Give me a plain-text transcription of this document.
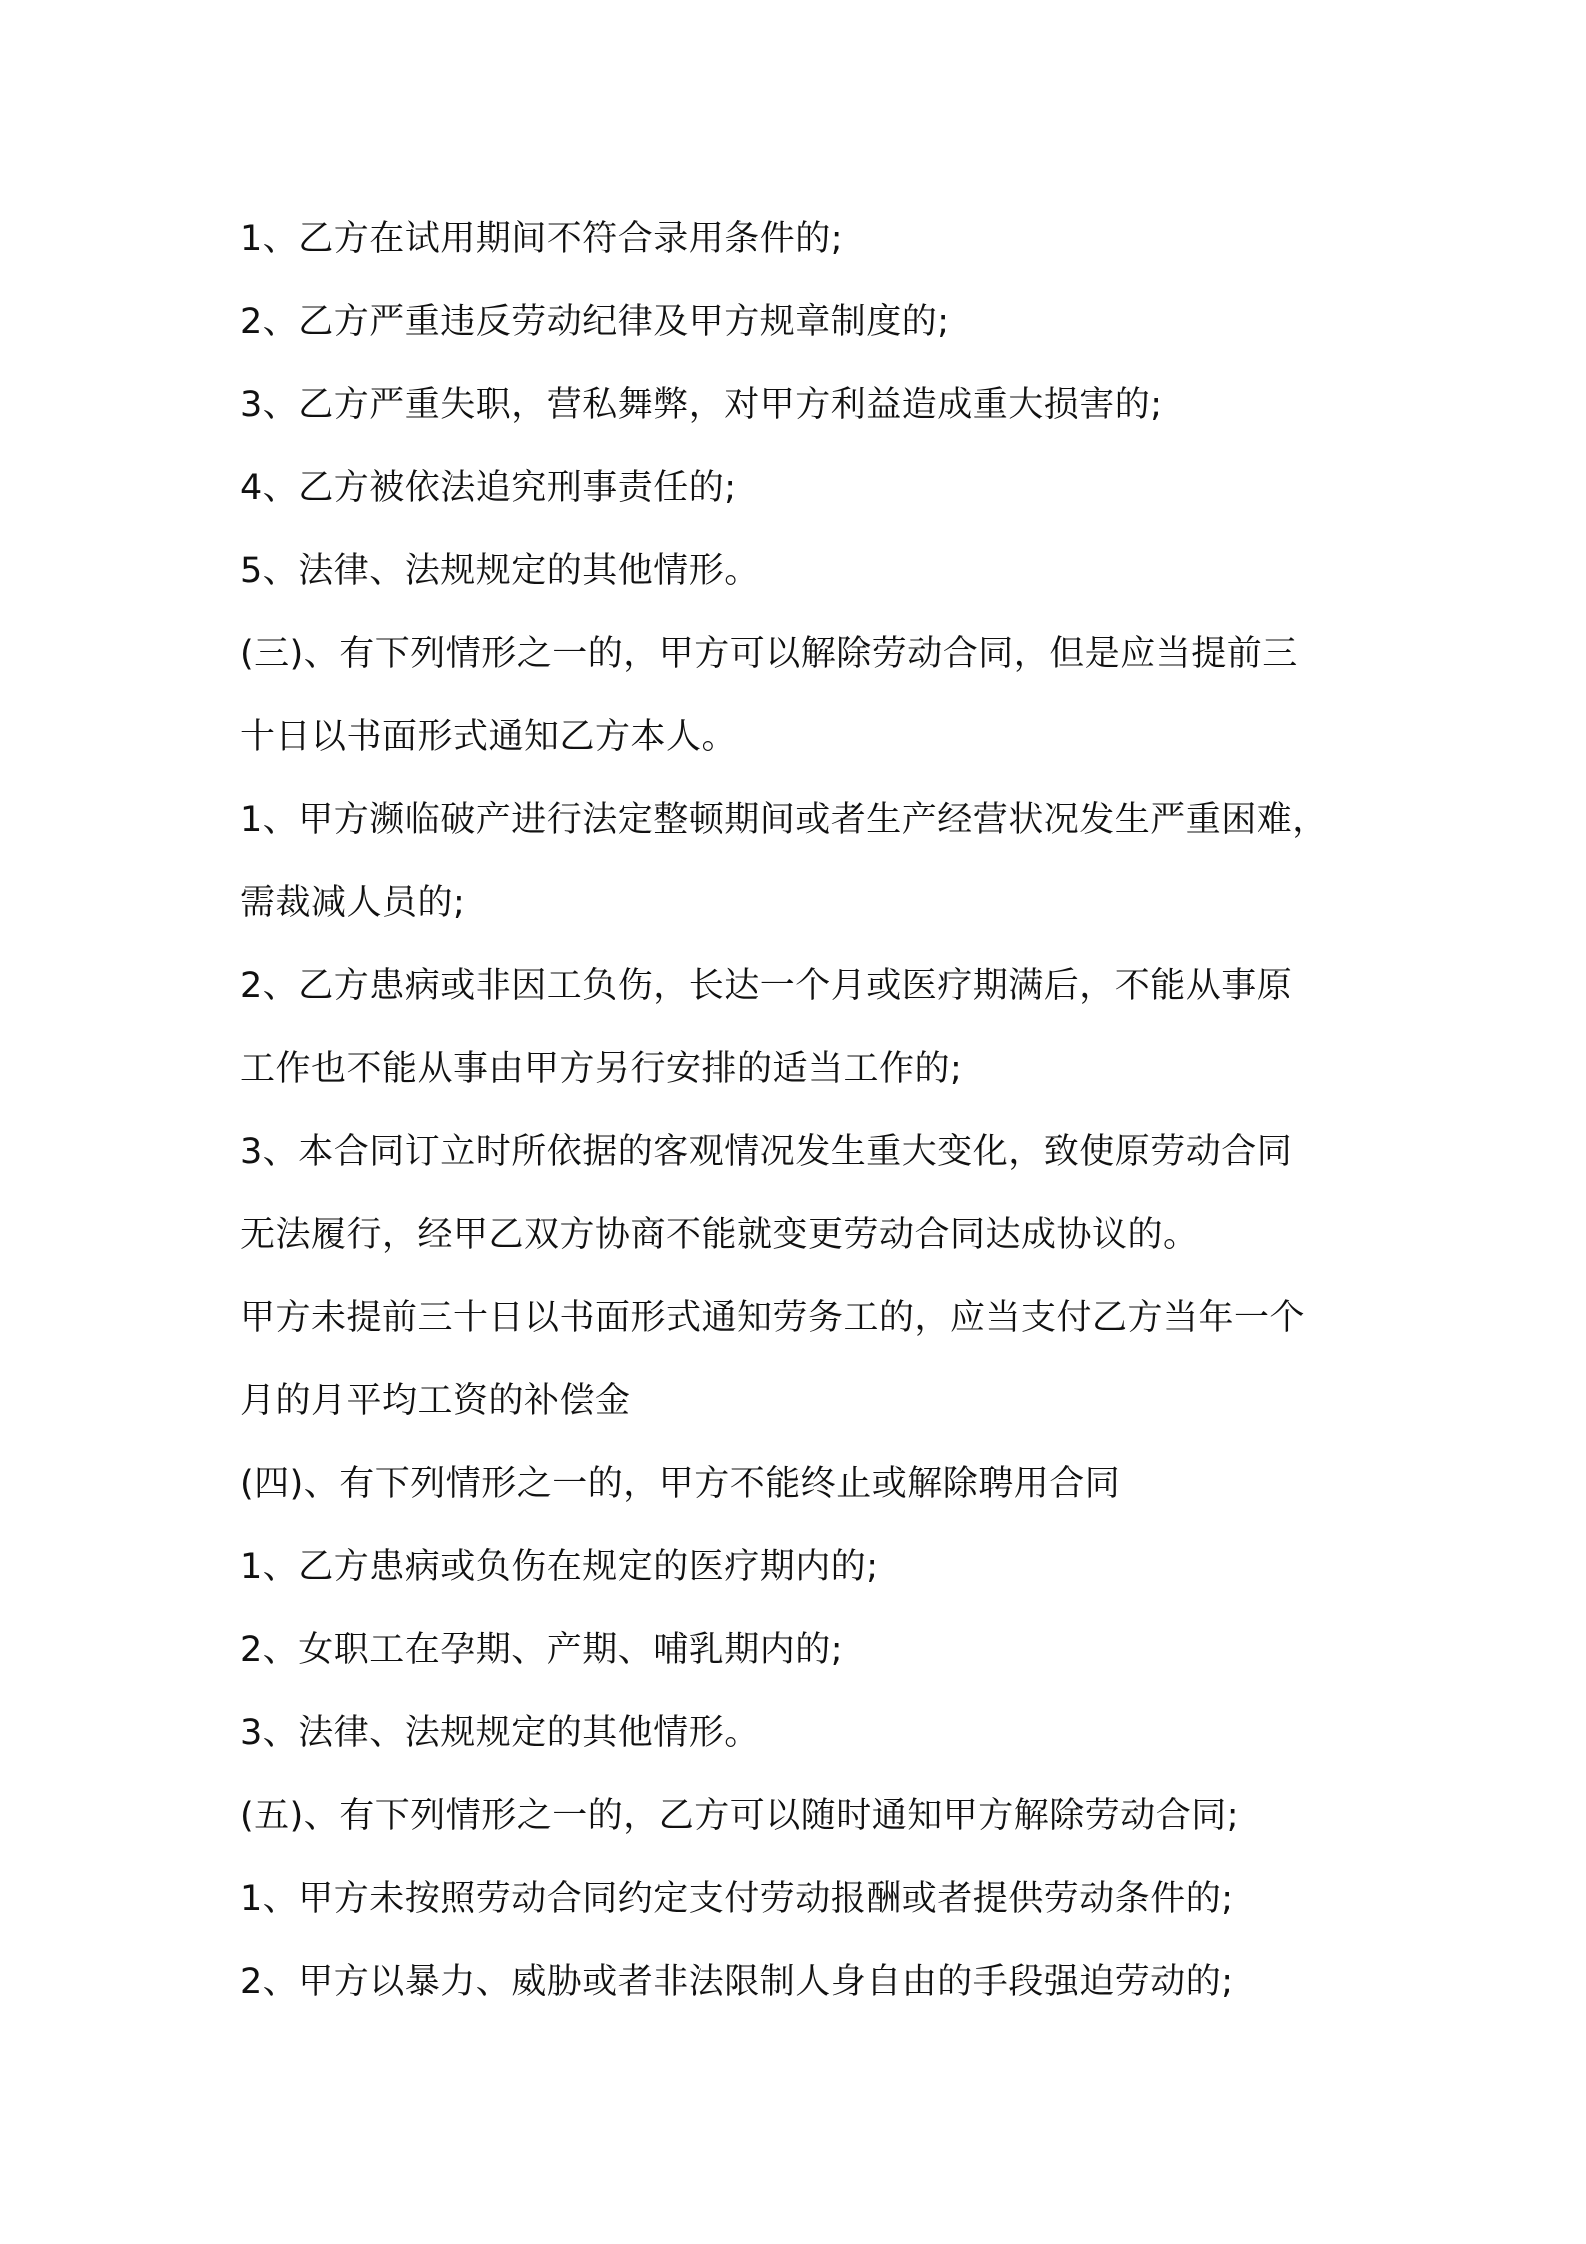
1、乙方在试用期间不符合录用条件的;
2、乙方严重违反劳动纪律及甲方规章制度的;
3、乙方严重失职，营私舞弊，对甲方利益造成重大损害的;
4、乙方被依法追究刑事责任的;
5、法律、法规规定的其他情形。
(三)、有下列情形之一的，甲方可以解除劳动合同，但是应当提前三
十日以书面形式通知乙方本人。
1、甲方濒临破产进行法定整顿期间或者生产经营状况发生严重困难，
需裁减人员的;
2、乙方患病或非因工负伤，长达一个月或医疗期满后，不能从事原
工作也不能从事由甲方另行安排的适当工作的;
3、本合同订立时所依据的客观情况发生重大变化，致使原劳动合同
无法履行，经甲乙双方协商不能就变更劳动合同达成协议的。
甲方未提前三十日以书面形式通知劳务工的，应当支付乙方当年一个
月的月平均工资的补偿金
(四)、有下列情形之一的，甲方不能终止或解除聘用合同
1、乙方患病或负伤在规定的医疗期内的;
2、女职工在孕期、产期、哺乳期内的;
3、法律、法规规定的其他情形。
(五)、有下列情形之一的，乙方可以随时通知甲方解除劳动合同;
1、甲方未按照劳动合同约定支付劳动报酬或者提供劳动条件的;
2、甲方以暴力、威胁或者非法限制人身自由的手段强迫劳动的;
